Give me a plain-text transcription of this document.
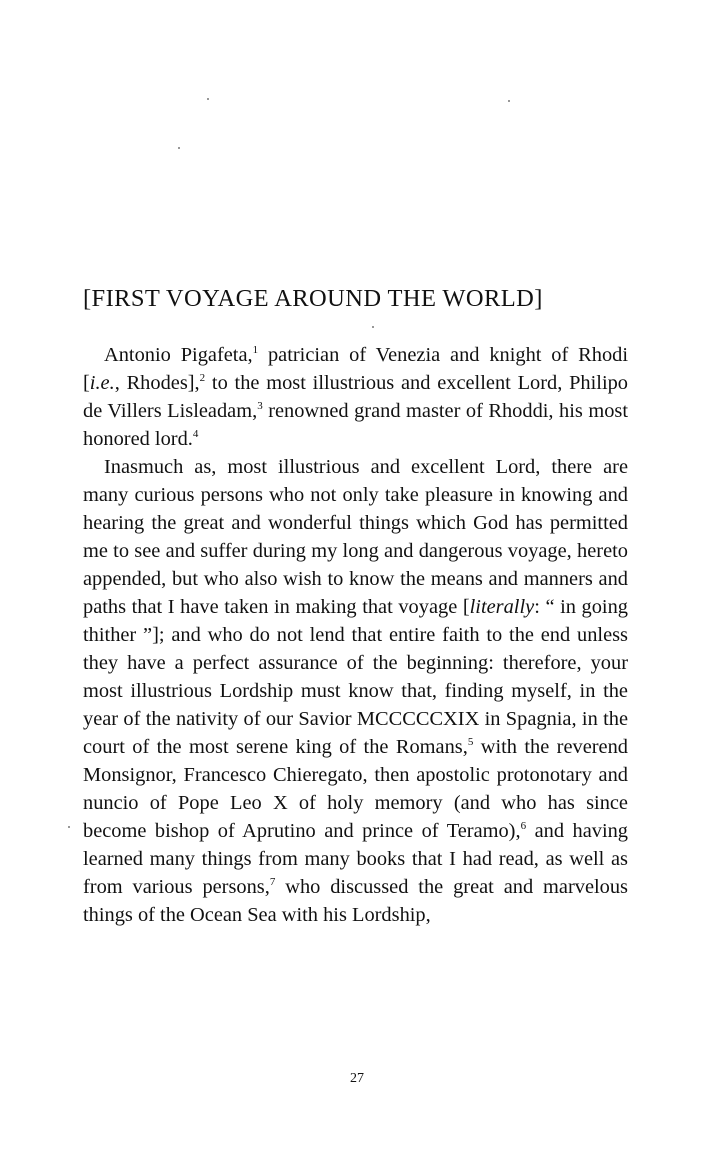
[FIRST VOYAGE AROUND THE WORLD]

Antonio Pigafeta,$^1$ patrician of Venezia and knight of Rhodi [i.e., Rhodes],$^2$ to the most illustrious and excellent Lord, Philipo de Villers Lisleadam,$^3$ renowned grand master of Rhoddi, his most honored lord.$^4$

Inasmuch as, most illustrious and excellent Lord, there are many curious persons who not only take pleasure in knowing and hearing the great and wonderful things which God has permitted me to see and suffer during my long and dangerous voyage, hereto appended, but who also wish to know the means and manners and paths that I have taken in making that voyage [literally: “ in going thither ”]; and who do not lend that entire faith to the end unless they have a perfect assurance of the beginning: therefore, your most illustrious Lordship must know that, finding myself, in the year of the nativity of our Savior MCCCCCXIX in Spagnia, in the court of the most serene king of the Romans,$^5$ with the reverend Monsignor, Francesco Chieregato, then apostolic protonotary and nuncio of Pope Leo X of holy memory (and who has since become bishop of Aprutino and prince of Teramo),$^6$ and having learned many things from many books that I had read, as well as from various persons,$^7$ who discussed the great and marvelous things of the Ocean Sea with his Lordship,

27
